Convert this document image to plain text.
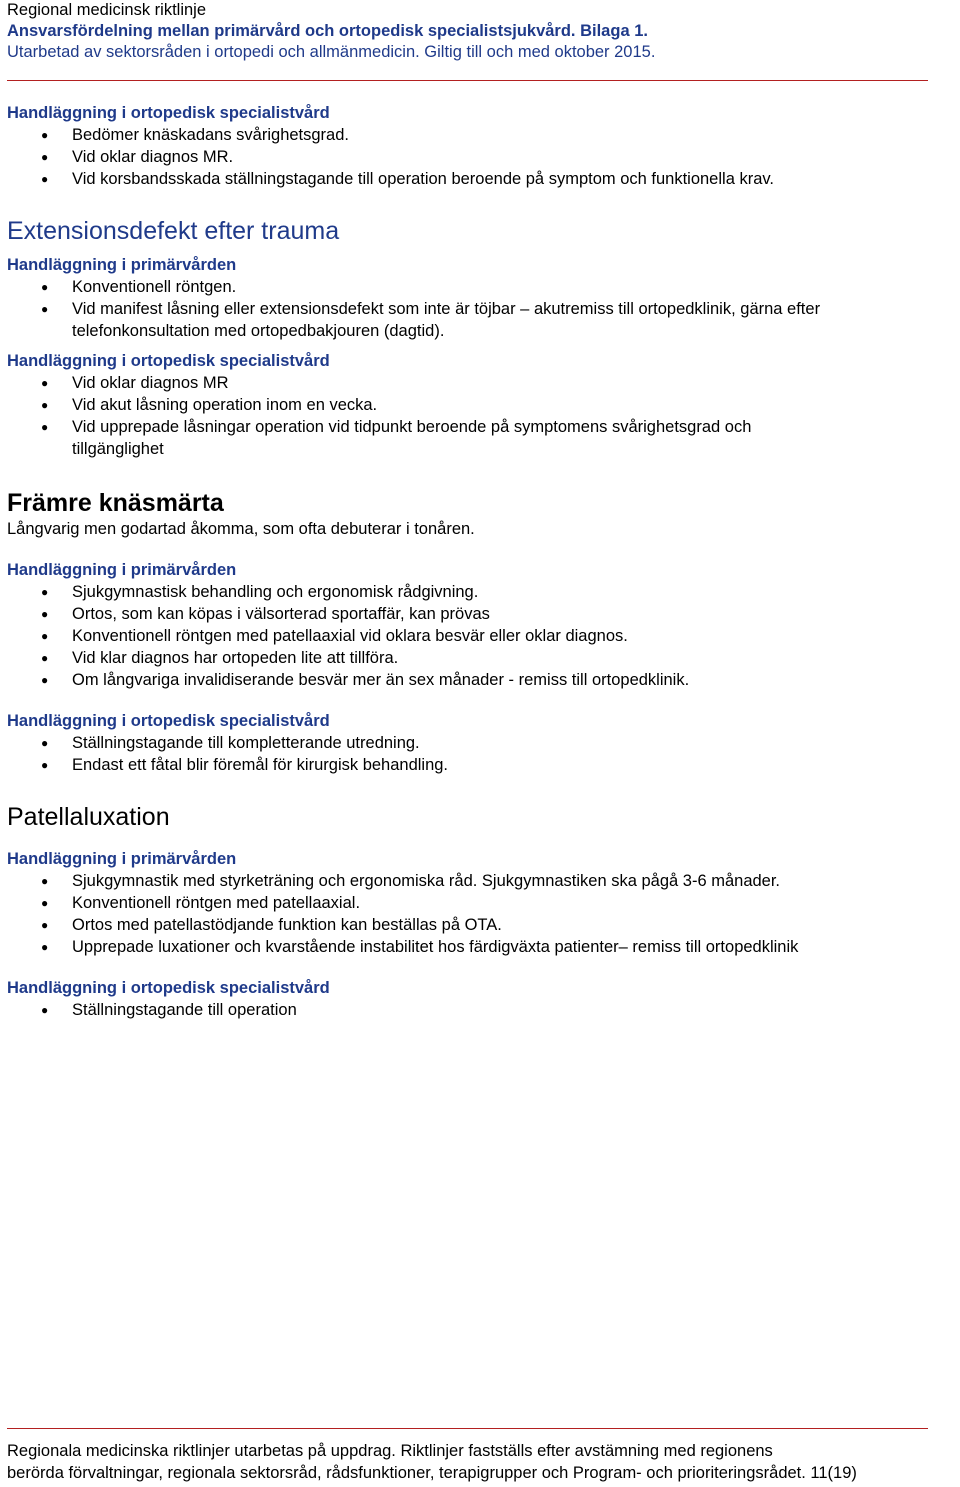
Regional medicinsk riktlinje
Ansvarsfördelning mellan primärvård och ortopedisk specialistsjukvård. Bilaga 1.
Utarbetad av sektorsråden i ortopedi och allmänmedicin. Giltig till och med oktober 2015.

Handläggning i ortopedisk specialistvård

● Bedömer knäskadans svårighetsgrad.
● Vid oklar diagnos MR.
● Vid korsbandsskada ställningstagande till operation beroende på symptom och funktionella krav.
Extensionsdefekt efter trauma

Handläggning i primärvården

● Konventionell röntgen.
● Vid manifest låsning eller extensionsdefekt som inte är töjbar – akutremiss till ortopedklinik, gärna efter telefonkonsultation med ortopedbakjouren (dagtid).

Handläggning i ortopedisk specialistvård

● Vid oklar diagnos MR
● Vid akut låsning operation inom en vecka.
● Vid upprepade låsningar operation vid tidpunkt beroende på symptomens svårighetsgrad och tillgänglighet
Främre knäsmärta

Långvarig men godartad åkomma, som ofta debuterar i tonåren.

Handläggning i primärvården

● Sjukgymnastisk behandling och ergonomisk rådgivning.
● Ortos, som kan köpas i välsorterad sportaffär, kan prövas
● Konventionell röntgen med patellaaxial vid oklara besvär eller oklar diagnos.
● Vid klar diagnos har ortopeden lite att tillföra.
● Om långvariga invalidiserande besvär mer än sex månader - remiss till ortopedklinik.

Handläggning i ortopedisk specialistvård

● Ställningstagande till kompletterande utredning.
● Endast ett fåtal blir föremål för kirurgisk behandling.
Patellaluxation

Handläggning i primärvården

● Sjukgymnastik med styrketräning och ergonomiska råd. Sjukgymnastiken ska pågå 3-6 månader.
● Konventionell röntgen med patellaaxial.
● Ortos med patellastödjande funktion kan beställas på OTA.
● Upprepade luxationer och kvarstående instabilitet hos färdigväxta patienter– remiss till ortopedklinik

Handläggning i ortopedisk specialistvård

● Ställningstagande till operation
Regionala medicinska riktlinjer utarbetas på uppdrag. Riktlinjer fastställs efter avstämning med regionens
berörda förvaltningar, regionala sektorsråd, rådsfunktioner, terapigrupper och Program- och prioriteringsrådet. 11(19)
